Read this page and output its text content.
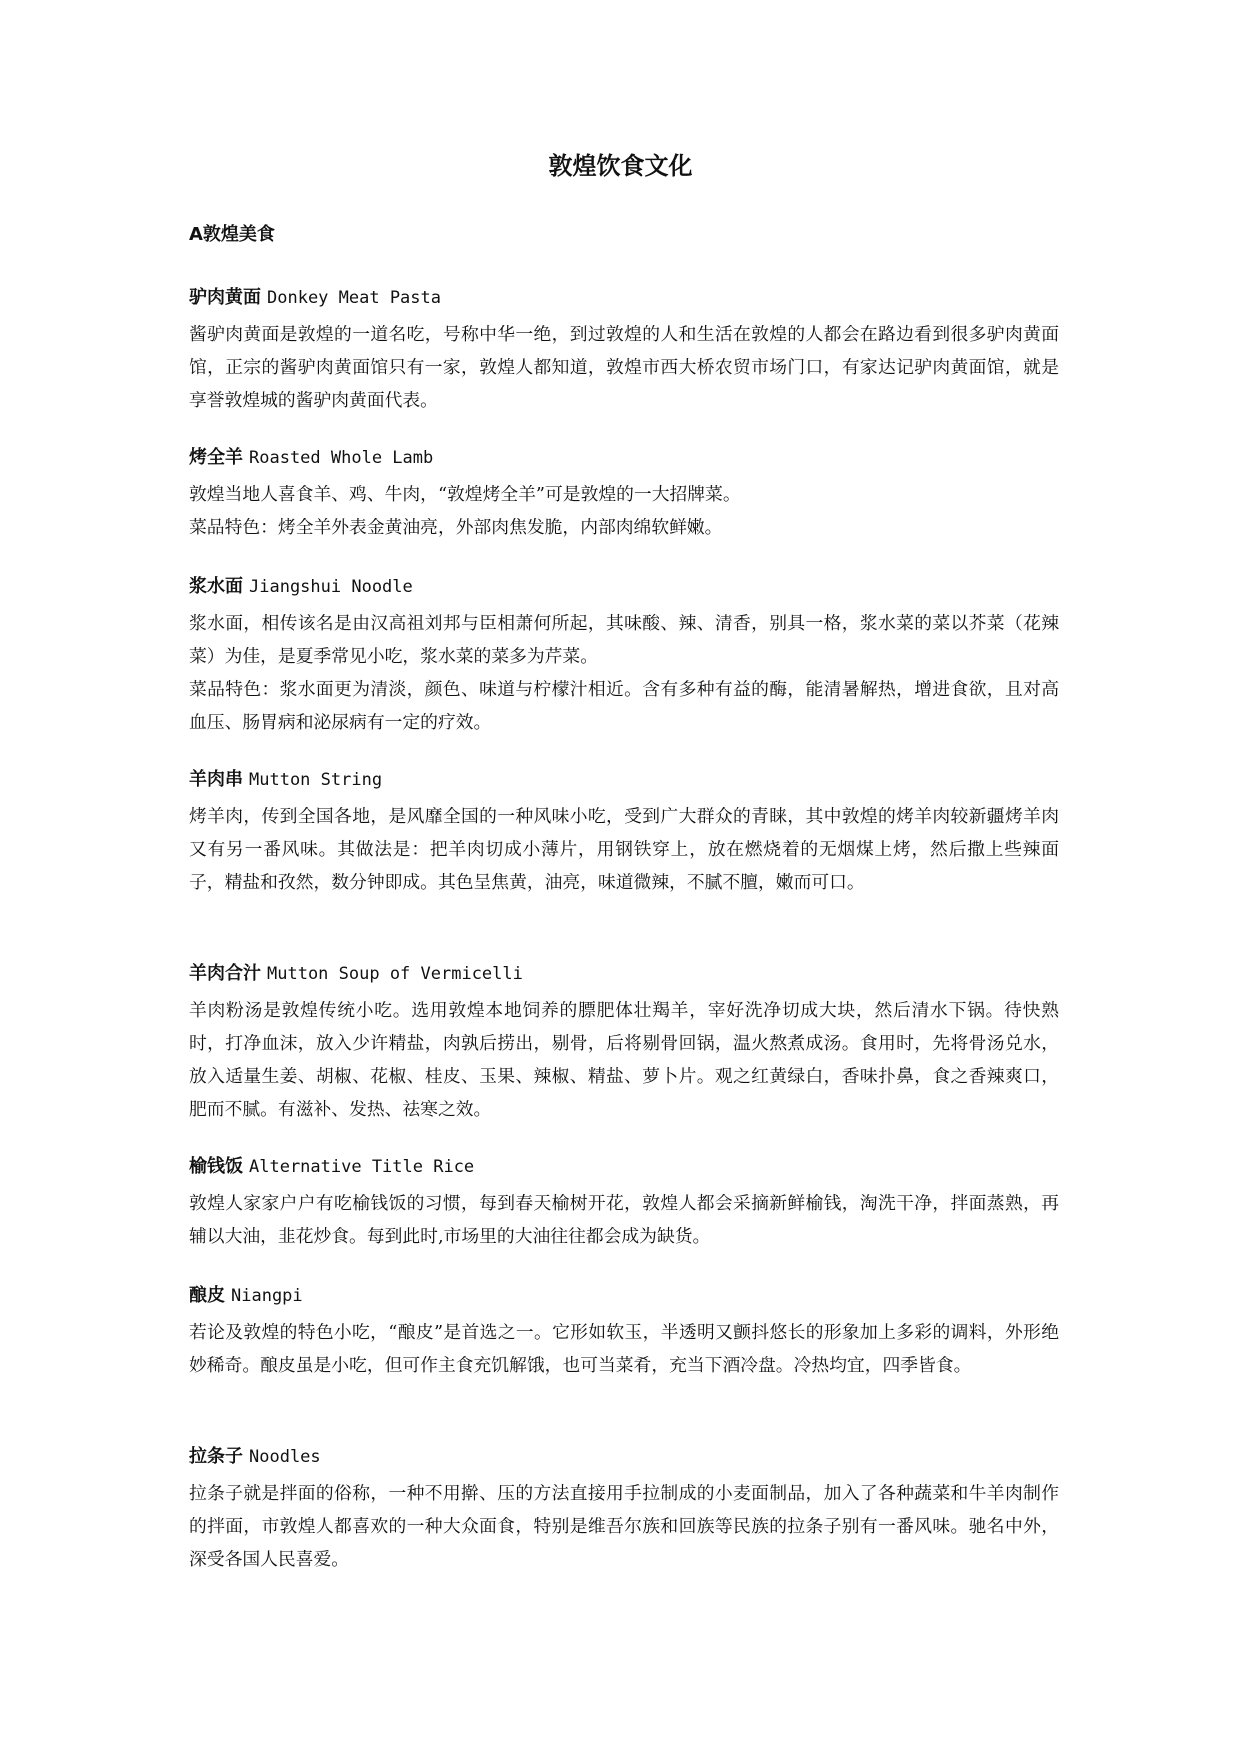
敦煌饮食文化
A敦煌美食

驴肉黄面 Donkey Meat Pasta

酱驴肉黄面是敦煌的一道名吃，号称中华一绝，到过敦煌的人和生活在敦煌的人都会在路边看到很多驴肉黄面馆，正宗的酱驴肉黄面馆只有一家，敦煌人都知道，敦煌市西大桥农贸市场门口，有家达记驴肉黄面馆，就是享誉敦煌城的酱驴肉黄面代表。

烤全羊 Roasted Whole Lamb

敦煌当地人喜食羊、鸡、牛肉，“敦煌烤全羊”可是敦煌的一大招牌菜。

菜品特色：烤全羊外表金黄油亮，外部肉焦发脆，内部肉绵软鲜嫩。

浆水面 Jiangshui Noodle

浆水面，相传该名是由汉高祖刘邦与臣相萧何所起，其味酸、辣、清香，别具一格，浆水菜的菜以芥菜（花辣菜）为佳，是夏季常见小吃，浆水菜的菜多为芹菜。

菜品特色：浆水面更为清淡，颜色、味道与柠檬汁相近。含有多种有益的酶，能清暑解热，增进食欲，且对高血压、肠胃病和泌尿病有一定的疗效。

羊肉串 Mutton String

烤羊肉，传到全国各地，是风靡全国的一种风味小吃，受到广大群众的青睐，其中敦煌的烤羊肉较新疆烤羊肉又有另一番风味。其做法是：把羊肉切成小薄片，用钢铁穿上，放在燃烧着的无烟煤上烤，然后撒上些辣面子，精盐和孜然，数分钟即成。其色呈焦黄，油亮，味道微辣，不腻不膻，嫩而可口。

羊肉合汁 Mutton Soup of Vermicelli

羊肉粉汤是敦煌传统小吃。选用敦煌本地饲养的膘肥体壮羯羊，宰好洗净切成大块，然后清水下锅。待快熟时，打净血沫，放入少许精盐，肉孰后捞出，剔骨，后将剔骨回锅，温火熬煮成汤。食用时，先将骨汤兑水，放入适量生姜、胡椒、花椒、桂皮、玉果、辣椒、精盐、萝卜片。观之红黄绿白，香味扑鼻，食之香辣爽口，肥而不腻。有滋补、发热、祛寒之效。

榆钱饭 Alternative Title Rice

敦煌人家家户户有吃榆钱饭的习惯，每到春天榆树开花，敦煌人都会采摘新鲜榆钱，淘洗干净，拌面蒸熟，再辅以大油，韭花炒食。每到此时,市场里的大油往往都会成为缺货。

酿皮 Niangpi

若论及敦煌的特色小吃，“酿皮”是首选之一。它形如软玉，半透明又颤抖悠长的形象加上多彩的调料，外形绝妙稀奇。酿皮虽是小吃，但可作主食充饥解饿，也可当菜肴，充当下酒冷盘。冷热均宜，四季皆食。

拉条子 Noodles

拉条子就是拌面的俗称，一种不用擀、压的方法直接用手拉制成的小麦面制品，加入了各种蔬菜和牛羊肉制作的拌面，市敦煌人都喜欢的一种大众面食，特别是维吾尔族和回族等民族的拉条子别有一番风味。驰名中外，深受各国人民喜爱。
